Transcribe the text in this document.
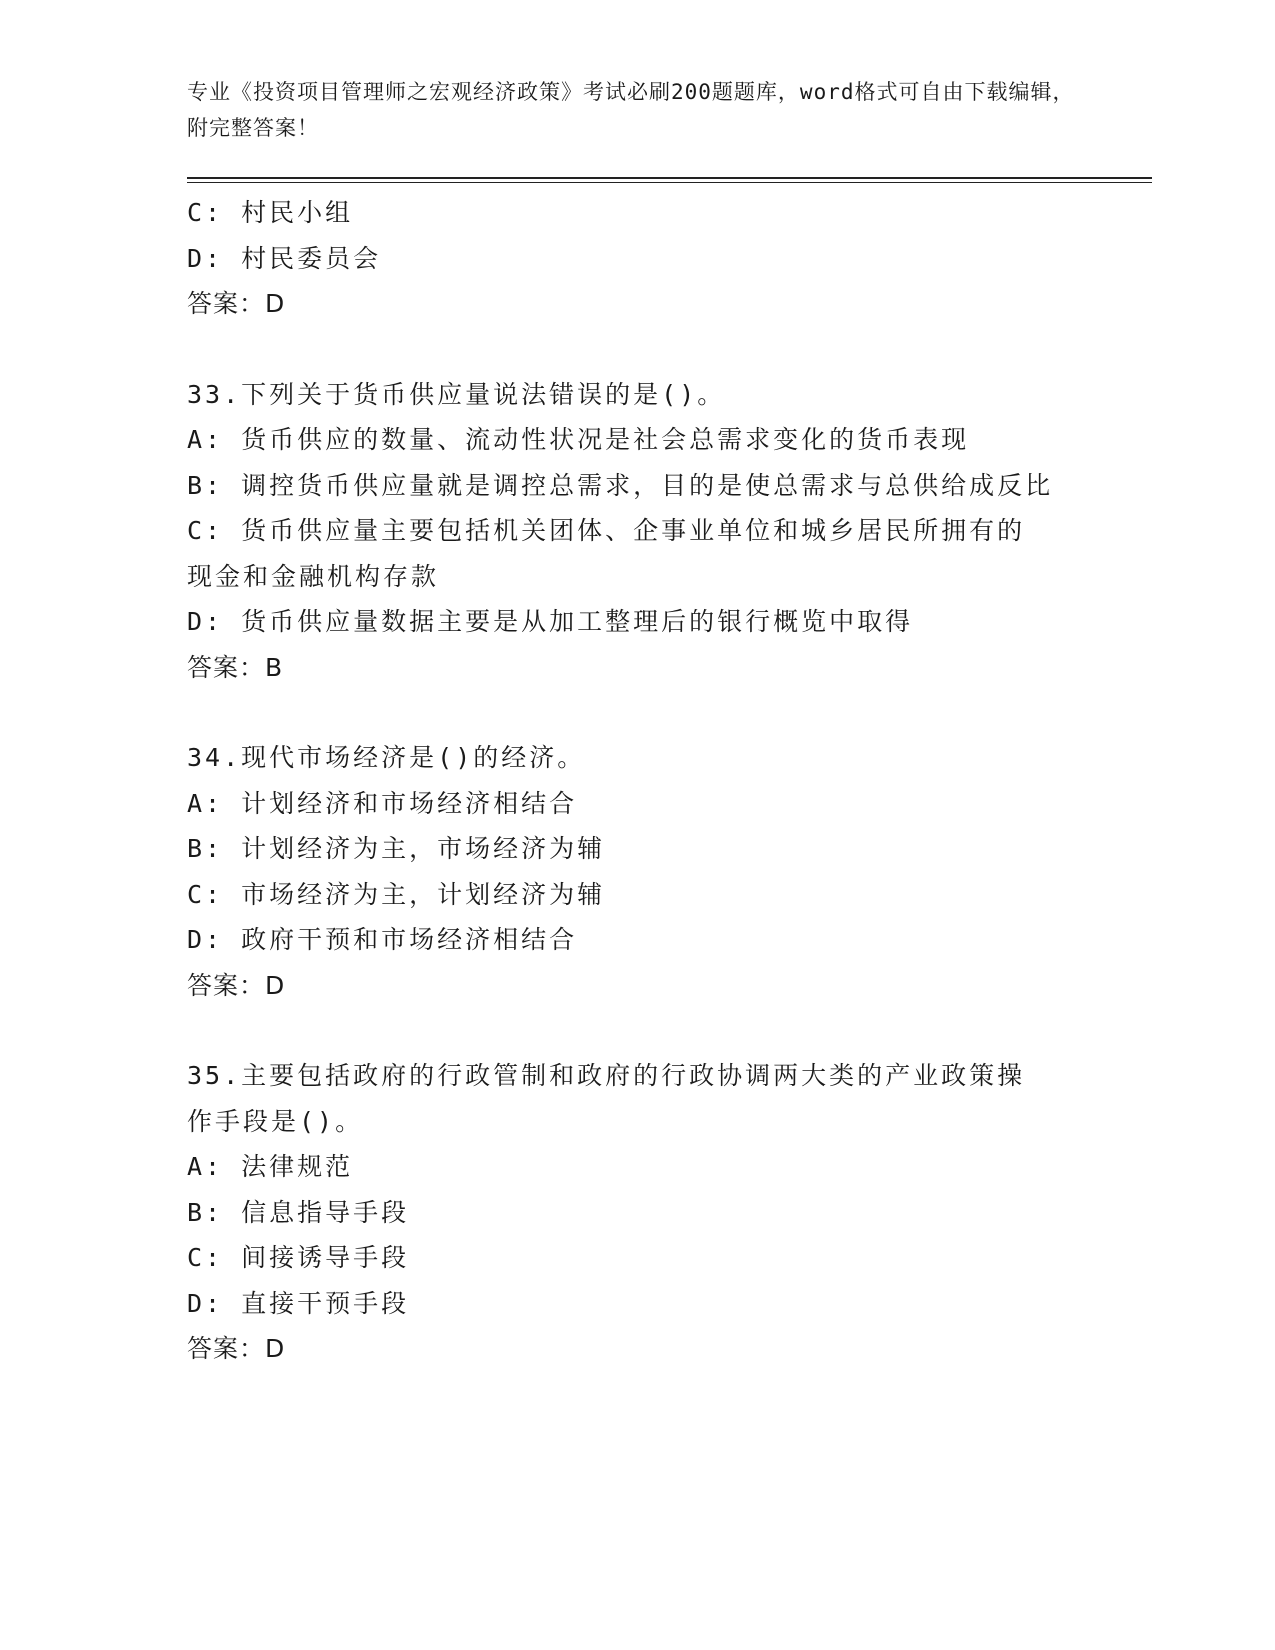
专业《投资项目管理师之宏观经济政策》考试必刷200题题库，word格式可自由下载编辑，附完整答案！
C: 村民小组
D: 村民委员会
答案：D
33.下列关于货币供应量说法错误的是()。
A: 货币供应的数量、流动性状况是社会总需求变化的货币表现
B: 调控货币供应量就是调控总需求，目的是使总需求与总供给成反比
C: 货币供应量主要包括机关团体、企事业单位和城乡居民所拥有的现金和金融机构存款
D: 货币供应量数据主要是从加工整理后的银行概览中取得
答案：B
34.现代市场经济是()的经济。
A: 计划经济和市场经济相结合
B: 计划经济为主，市场经济为辅
C: 市场经济为主，计划经济为辅
D: 政府干预和市场经济相结合
答案：D
35.主要包括政府的行政管制和政府的行政协调两大类的产业政策操作手段是()。
A: 法律规范
B: 信息指导手段
C: 间接诱导手段
D: 直接干预手段
答案：D
